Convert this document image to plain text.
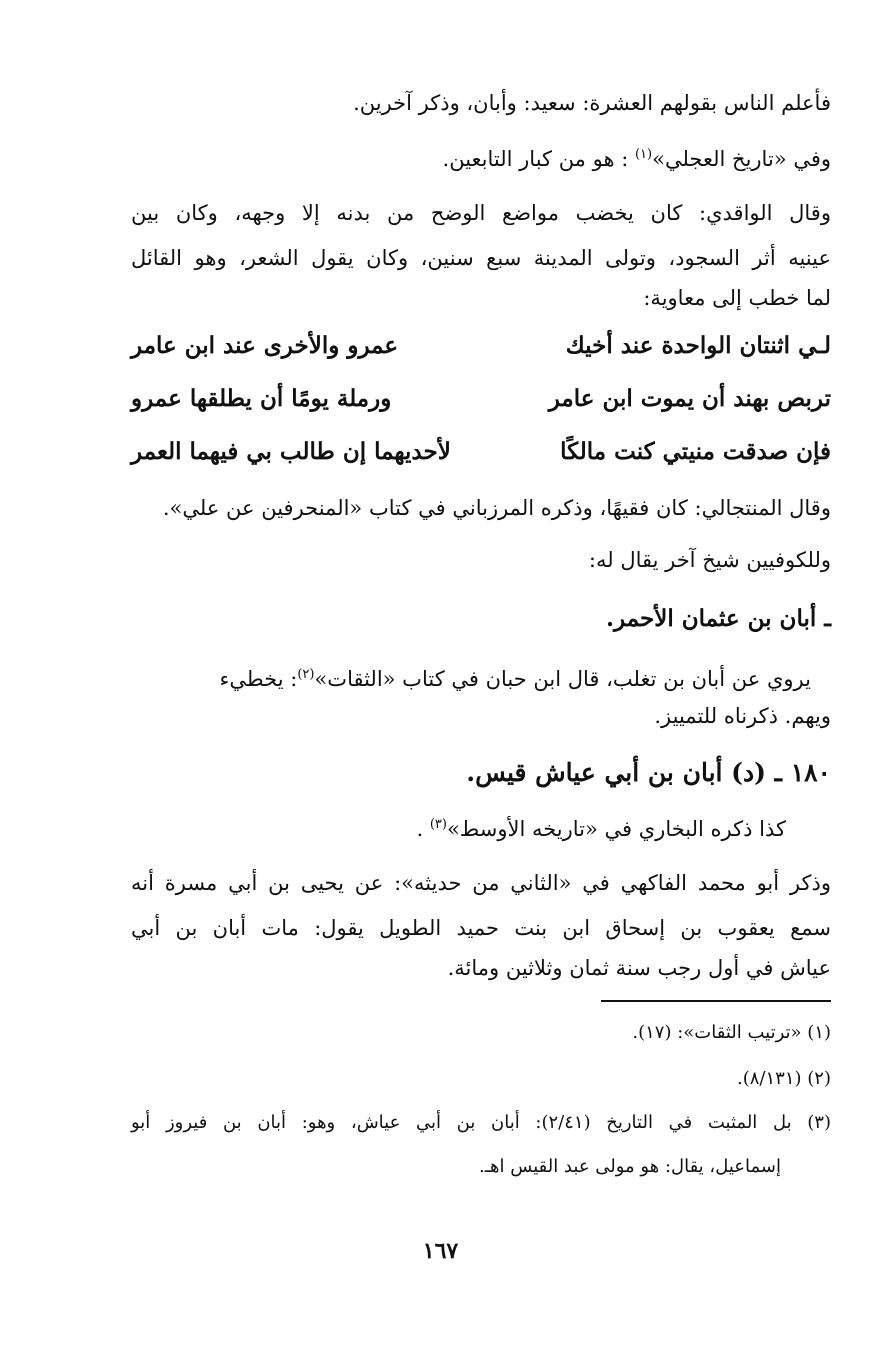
فأعلم الناس بقولهم العشرة: سعيد: وأبان، وذكر آخرين.
وفي «تاريخ العجلي»$^{(١)}$ : هو من كبار التابعين.
وقال الواقدي: كان يخضب مواضع الوضح من بدنه إلا وجهه، وكان بين
عينيه أثر السجود، وتولى المدينة سبع سنين، وكان يقول الشعر، وهو القائل
لما خطب إلى معاوية:
لـي اثنتان الواحدة عند أخيك
عمرو والأخرى عند ابن عامر
تربص بهند أن يموت ابن عامر
ورملة يومًا أن يطلقها عمرو
فإن صدقت منيتي كنت مالكًا
لأحديهما إن طالب بي فيهما العمر
وقال المنتجالي: كان فقيهًا، وذكره المرزباني في كتاب «المنحرفين عن علي».
وللكوفيين شيخ آخر يقال له:
ـ أبان بن عثمان الأحمر.
يروي عن أبان بن تغلب، قال ابن حبان في كتاب «الثقات»$^{(٢)}$: يخطيء
ويهم. ذكرناه للتمييز.
١٨٠ ـ (د) أبان بن أبي عياش قيس.
كذا ذكره البخاري في «تاريخه الأوسط»$^{(٣)}$ .
وذكر أبو محمد الفاكهي في «الثاني من حديثه»: عن يحيى بن أبي مسرة أنه
سمع يعقوب بن إسحاق ابن بنت حميد الطويل يقول: مات أبان بن أبي
عياش في أول رجب سنة ثمان وثلاثين ومائة.
(١) «ترتيب الثقات»: (١٧).
(٢) (٨/١٣١).
(٣) بل المثبت في التاريخ (٢/٤١): أبان بن أبي عياش، وهو: أبان بن فيروز أبو
إسماعيل، يقال: هو مولى عبد القيس اهـ.
١٦٧
